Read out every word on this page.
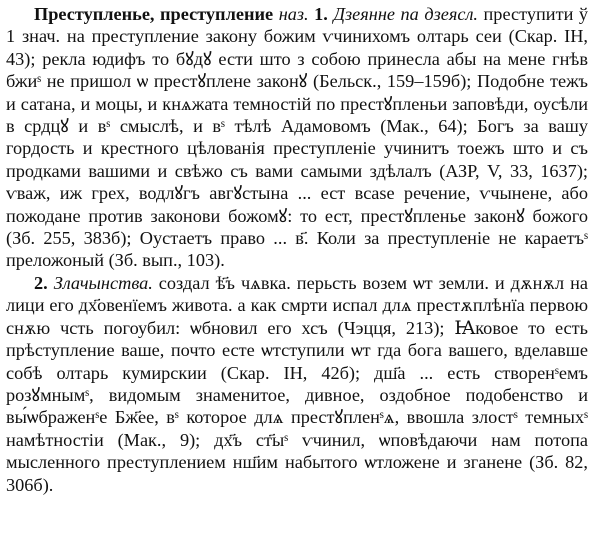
Преступленье, преступление наз. 1. Дзеянне па дзеясл. преступити ў 1 знач. на преступление закону божим ѵчинихомъ олтарь сеи (Скар. IН, 43); рекла юдифъ то бꙋдꙋ ести што з собою принесла абы на мене гнѣв бжиˢ не пришол ѡ престꙋплене законꙋ (Бельск., 159–159б); Подобне тежъ и сатана, и моцы, и кнѧжата темностій по престꙋпленьи заповѣди, оусѣли в срдцꙋ и вˢ смыслѣ, и вˢ тѣлѣ Адамовомъ (Мак., 64); Богъ за вашу гордость и крестного цѣлованія преступленіе учинитъ тоежъ што и съ продками вашими и свѣжо съ вами самыми здѣлалъ (АЗР, V, 33, 1637); ѵваж, иж грех, водлꙋгъ авгꙋстына ... ест вcase речение, ѵчынене, або пожодане против законови божомꙋ: то ест, престꙋпленье законꙋ божого (Зб. 255, 383б); Оустаетъ право ... в҃. Коли за преступленіе не караетъˢ преложоный (Зб. вып., 103).

2. Злачынства. создал ѣ҃ъ чѧвка. перьсть возем ѡт земли. и дѫнѫл на лици его дх҃овенїемъ живота. а как смрти испал длѧ престѫплѣнїа первою снѫю чсть погоубил: ѡбновил его хсъ (Чэцця, 213); Ꙗковое то есть прѣступление ваше, почто есте ѡтступили ѡт гда бога вашего, вделавше собѣ олтарь кумирскии (Скар. IН, 42б); дш҃а ... есть створенˢемъ розꙋмнымˢ, видомым знаменитое, дивное, оздобное подобенство и вы́ѡбраженˢе Бж҃ее, вˢ которое длѧ престꙋпленˢѧ, ввошла злостˢ темныхˢ намѣтностіи (Мак., 9); дх҃ъ ст҃ыˢ ѵчинил, ѡповѣдаючи нам потопа мысленного преступлением нш҃им набытого ѡтложене и зганене (Зб. 82, 306б).
